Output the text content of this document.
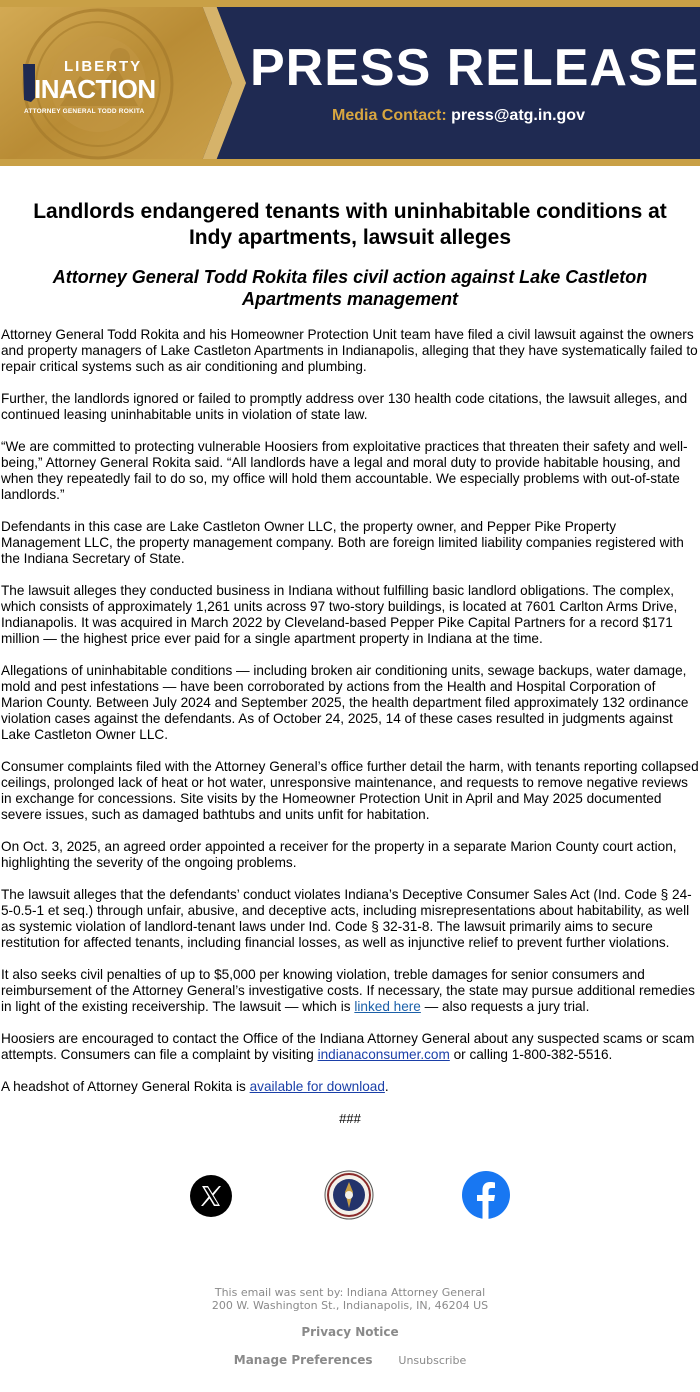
LIBERTY
INACTION
ATTORNEY GENERAL TODD ROKITA
PRESS RELEASE
Media Contact: press@atg.in.gov
Landlords endangered tenants with uninhabitable conditions at Indy apartments, lawsuit alleges
Attorney General Todd Rokita files civil action against Lake Castleton Apartments management

Attorney General Todd Rokita and his Homeowner Protection Unit team have filed a civil lawsuit against the owners and property managers of Lake Castleton Apartments in Indianapolis, alleging that they have systematically failed to repair critical systems such as air conditioning and plumbing.

Further, the landlords ignored or failed to promptly address over 130 health code citations, the lawsuit alleges, and continued leasing uninhabitable units in violation of state law.

“We are committed to protecting vulnerable Hoosiers from exploitative practices that threaten their safety and well-being,” Attorney General Rokita said. “All landlords have a legal and moral duty to provide habitable housing, and when they repeatedly fail to do so, my office will hold them accountable. We especially problems with out-of-state landlords.”

Defendants in this case are Lake Castleton Owner LLC, the property owner, and Pepper Pike Property Management LLC, the property management company. Both are foreign limited liability companies registered with the Indiana Secretary of State.

The lawsuit alleges they conducted business in Indiana without fulfilling basic landlord obligations. The complex, which consists of approximately 1,261 units across 97 two-story buildings, is located at 7601 Carlton Arms Drive, Indianapolis. It was acquired in March 2022 by Cleveland-based Pepper Pike Capital Partners for a record $171 million — the highest price ever paid for a single apartment property in Indiana at the time.

Allegations of uninhabitable conditions — including broken air conditioning units, sewage backups, water damage, mold and pest infestations — have been corroborated by actions from the Health and Hospital Corporation of Marion County. Between July 2024 and September 2025, the health department filed approximately 132 ordinance violation cases against the defendants. As of October 24, 2025, 14 of these cases resulted in judgments against Lake Castleton Owner LLC.

Consumer complaints filed with the Attorney General’s office further detail the harm, with tenants reporting collapsed ceilings, prolonged lack of heat or hot water, unresponsive maintenance, and requests to remove negative reviews in exchange for concessions. Site visits by the Homeowner Protection Unit in April and May 2025 documented severe issues, such as damaged bathtubs and units unfit for habitation.

On Oct. 3, 2025, an agreed order appointed a receiver for the property in a separate Marion County court action, highlighting the severity of the ongoing problems.

The lawsuit alleges that the defendants’ conduct violates Indiana’s Deceptive Consumer Sales Act (Ind. Code § 24-5-0.5-1 et seq.) through unfair, abusive, and deceptive acts, including misrepresentations about habitability, as well as systemic violation of landlord-tenant laws under Ind. Code § 32-31-8. The lawsuit primarily aims to secure restitution for affected tenants, including financial losses, as well as injunctive relief to prevent further violations.

It also seeks civil penalties of up to $5,000 per knowing violation, treble damages for senior consumers and reimbursement of the Attorney General’s investigative costs. If necessary, the state may pursue additional remedies in light of the existing receivership. The lawsuit — which is linked here — also requests a jury trial.

Hoosiers are encouraged to contact the Office of the Indiana Attorney General about any suspected scams or scam attempts. Consumers can file a complaint by visiting indianaconsumer.com or calling 1-800-382-5516.

A headshot of Attorney General Rokita is available for download.

###

This email was sent by: Indiana Attorney General
200 W. Washington St., Indianapolis, IN, 46204 US
Privacy Notice
Manage Preferences Unsubscribe
